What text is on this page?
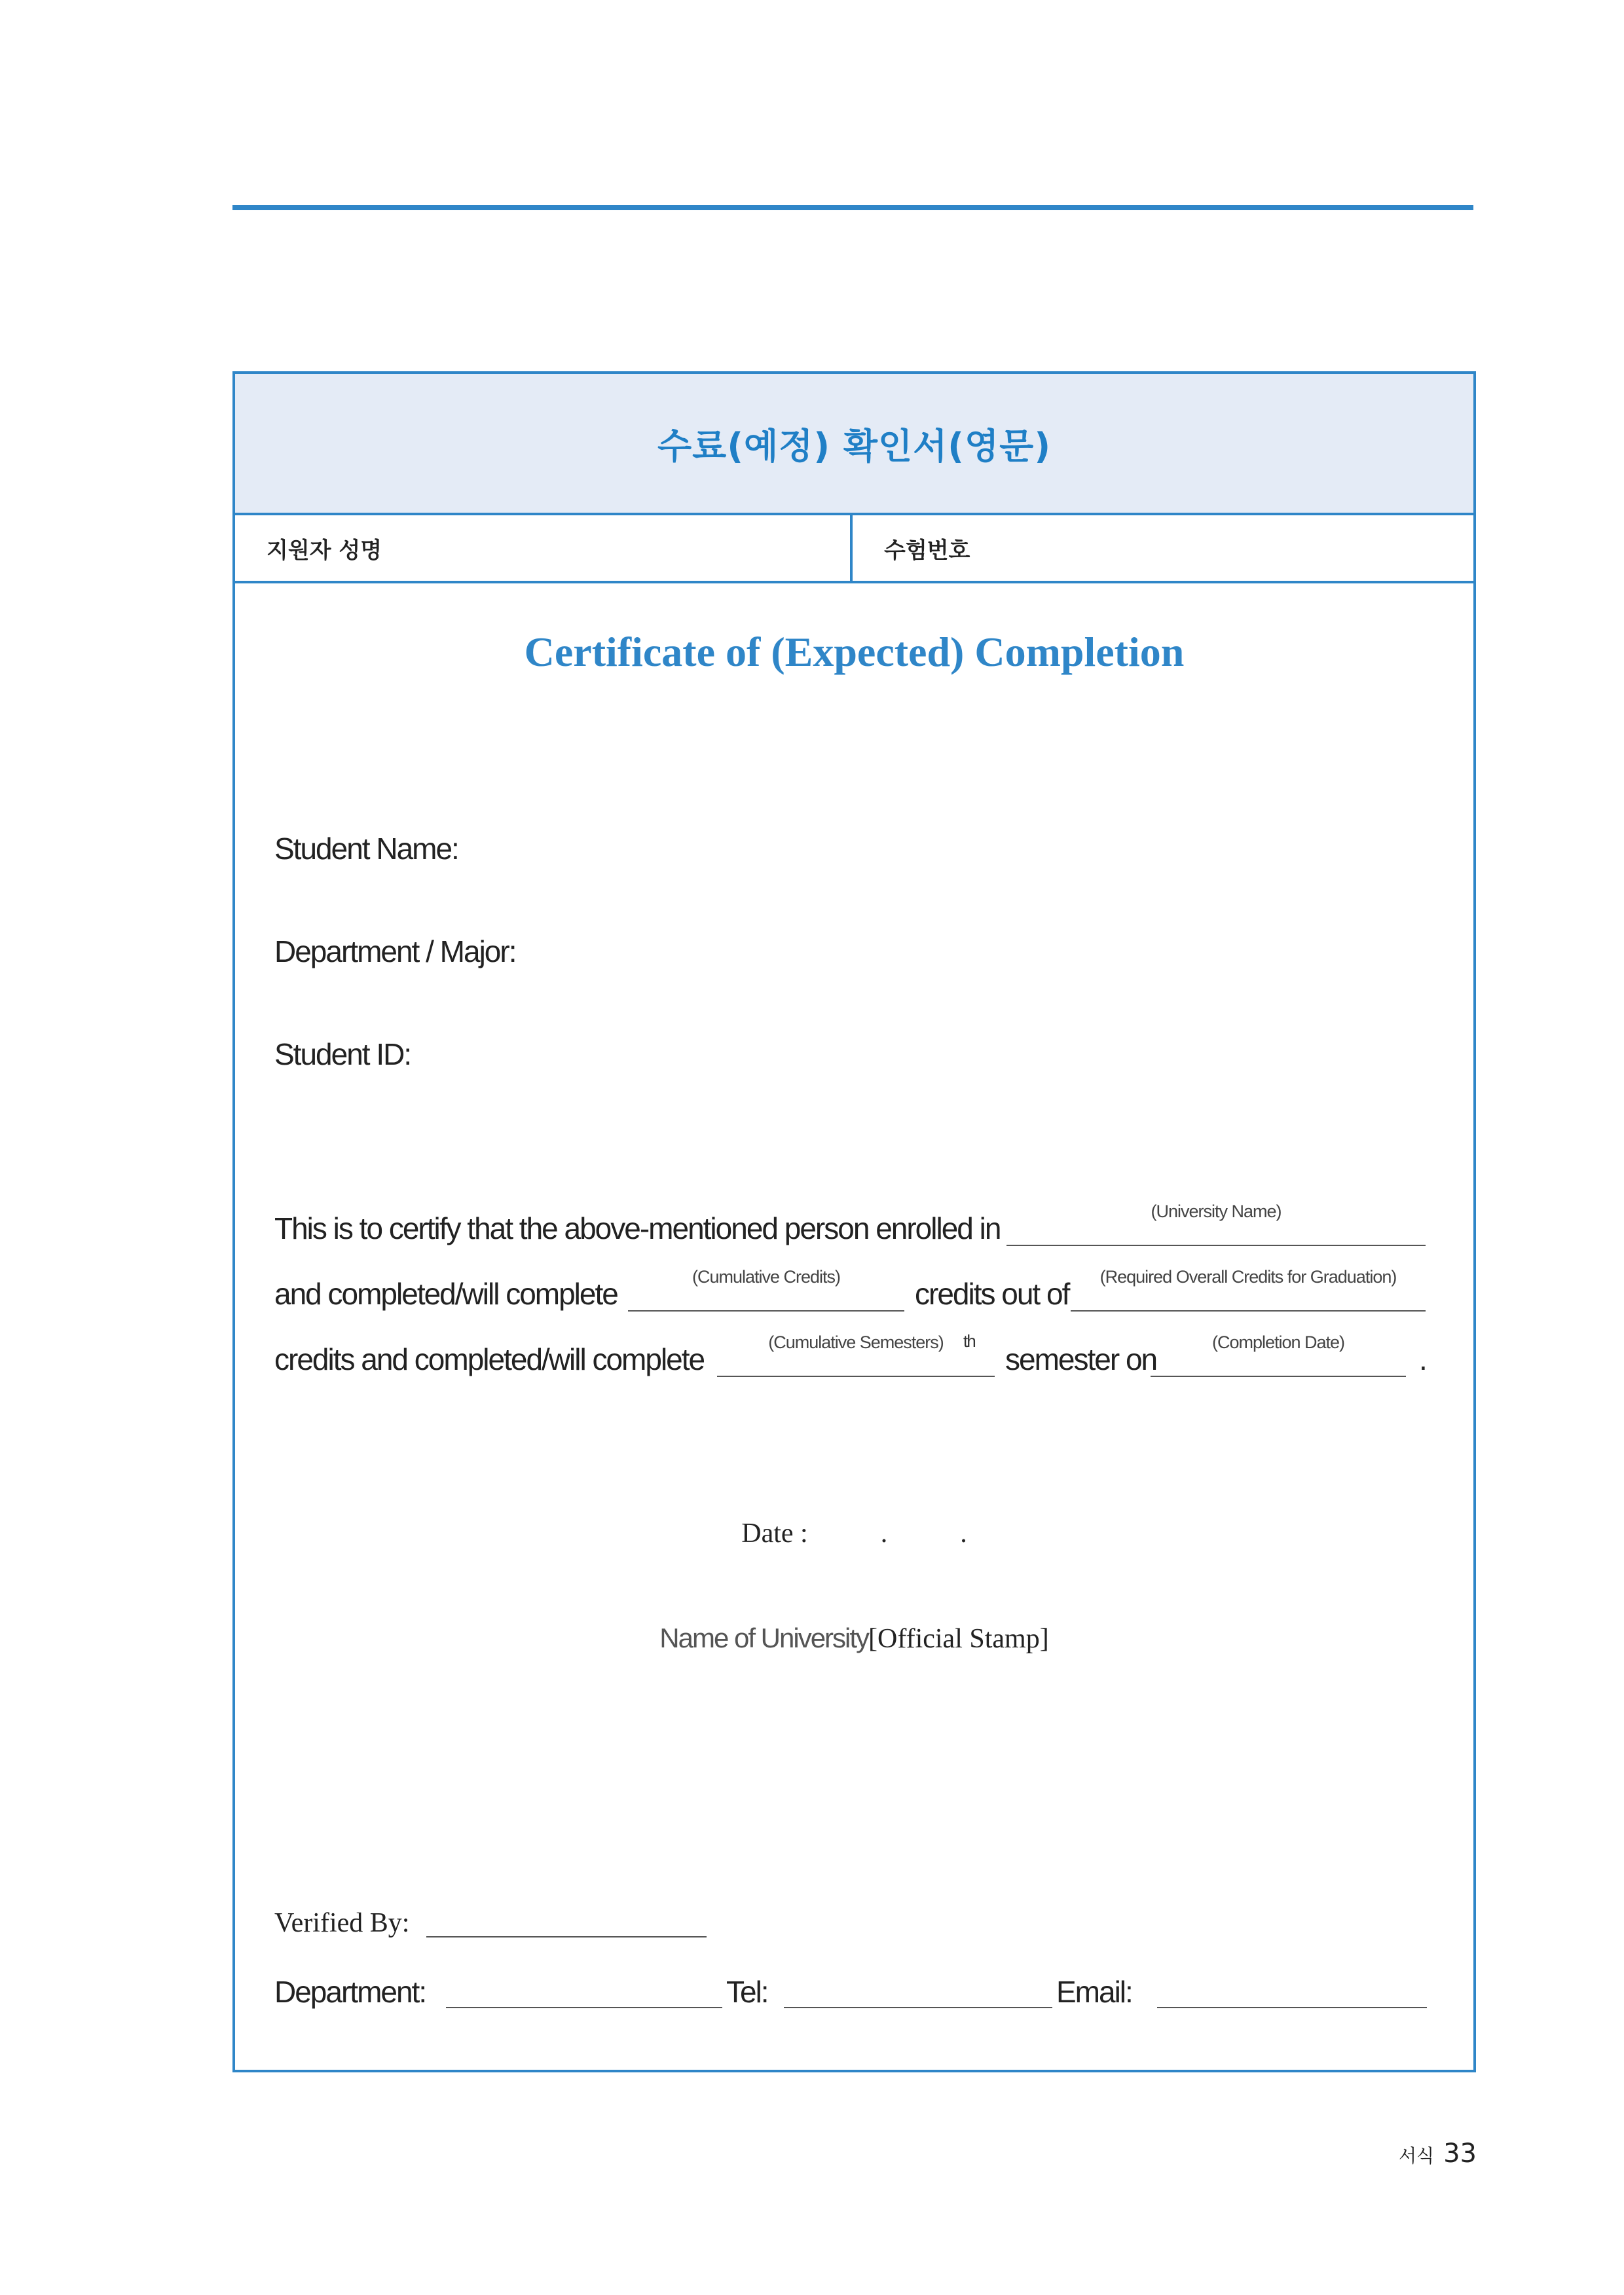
수료(예정) 확인서(영문)
지원자 성명	수험번호
Certificate of (Expected) Completion
Student Name:
Department / Major:
Student ID:
This is to certify that the above-mentioned person enrolled in	(University Name)
and completed/will complete	(Cumulative Credits)	credits out of	(Required Overall Credits for Graduation)
credits and completed/will complete	(Cumulative Semesters)	th
semester on	(Completion Date)	.
Date :	.	.
Name of University[Official Stamp]
Verified By:
Department:	Tel:	Email:
서식 33
